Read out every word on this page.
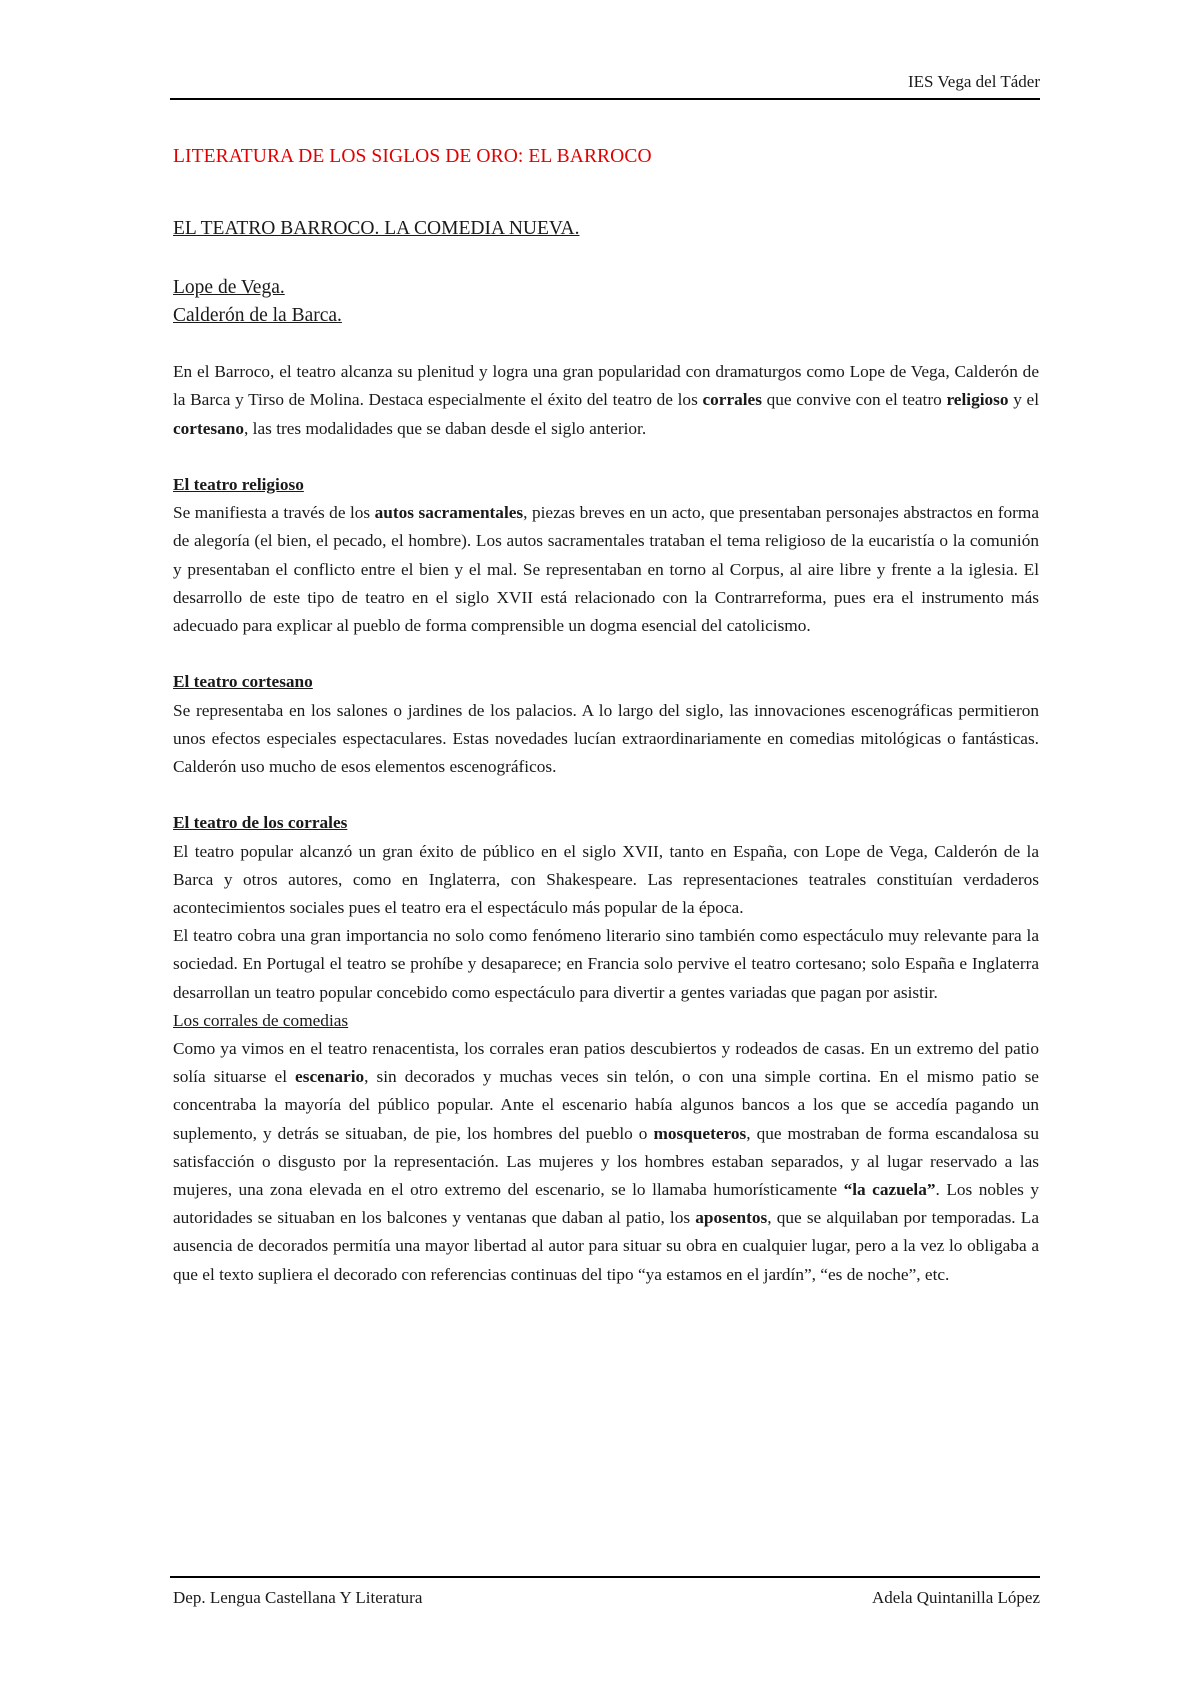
IES Vega del Táder
LITERATURA DE LOS SIGLOS DE ORO: EL BARROCO
EL TEATRO BARROCO. LA COMEDIA NUEVA.
Lope de Vega.
Calderón de la Barca.

En el Barroco, el teatro alcanza su plenitud y logra una gran popularidad con dramaturgos como Lope de Vega, Calderón de la Barca y Tirso de Molina. Destaca especialmente el éxito del teatro de los corrales que convive con el teatro religioso y el cortesano, las tres modalidades que se daban desde el siglo anterior.

El teatro religioso

Se manifiesta a través de los autos sacramentales, piezas breves en un acto, que presentaban personajes abstractos en forma de alegoría (el bien, el pecado, el hombre). Los autos sacramentales trataban el tema religioso de la eucaristía o la comunión y presentaban el conflicto entre el bien y el mal. Se representaban en torno al Corpus, al aire libre y frente a la iglesia. El desarrollo de este tipo de teatro en el siglo XVII está relacionado con la Contrarreforma, pues era el instrumento más adecuado para explicar al pueblo de forma comprensible un dogma esencial del catolicismo.

El teatro cortesano

Se representaba en los salones o jardines de los palacios. A lo largo del siglo, las innovaciones escenográficas permitieron unos efectos especiales espectaculares. Estas novedades lucían extraordinariamente en comedias mitológicas o fantásticas. Calderón uso mucho de esos elementos escenográficos.

El teatro de los corrales

El teatro popular alcanzó un gran éxito de público en el siglo XVII, tanto en España, con Lope de Vega, Calderón de la Barca y otros autores, como en Inglaterra, con Shakespeare. Las representaciones teatrales constituían verdaderos acontecimientos sociales pues el teatro era el espectáculo más popular de la época.

El teatro cobra una gran importancia no solo como fenómeno literario sino también como espectáculo muy relevante para la sociedad. En Portugal el teatro se prohíbe y desaparece; en Francia solo pervive el teatro cortesano; solo España e Inglaterra desarrollan un teatro popular concebido como espectáculo para divertir a gentes variadas que pagan por asistir.

Los corrales de comedias

Como ya vimos en el teatro renacentista, los corrales eran patios descubiertos y rodeados de casas. En un extremo del patio solía situarse el escenario, sin decorados y muchas veces sin telón, o con una simple cortina. En el mismo patio se concentraba la mayoría del público popular. Ante el escenario había algunos bancos a los que se accedía pagando un suplemento, y detrás se situaban, de pie, los hombres del pueblo o mosqueteros, que mostraban de forma escandalosa su satisfacción o disgusto por la representación. Las mujeres y los hombres estaban separados, y al lugar reservado a las mujeres, una zona elevada en el otro extremo del escenario, se lo llamaba humorísticamente “la cazuela”. Los nobles y autoridades se situaban en los balcones y ventanas que daban al patio, los aposentos, que se alquilaban por temporadas. La ausencia de decorados permitía una mayor libertad al autor para situar su obra en cualquier lugar, pero a la vez lo obligaba a que el texto supliera el decorado con referencias continuas del tipo “ya estamos en el jardín”, “es de noche”, etc.

Dep. Lengua Castellana Y Literatura	Adela Quintanilla López
